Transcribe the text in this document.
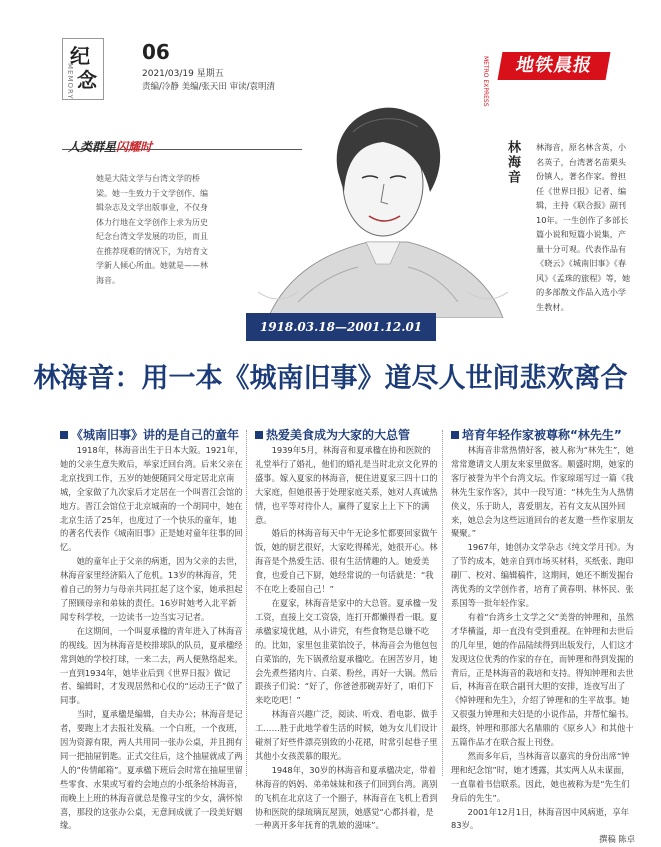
纪
念
MEMORY
06
2021/03/19 星期五
责编/冷静 美编/张天田 审读/袁明清	METRO EXPRESS	地铁晨报
人类群星闪耀时
她是大陆文学与台湾文学的桥梁。她一生致力于文学创作、编辑杂志及文学出版事业，不仅身体力行地在文学创作上求为历史纪念台湾文学发展的功臣，而且在推荐现难的情况下，为培育文学新人倾心所血。她就是——林海音。
1918.03.18—2001.12.01
林海音 林海音，原名林含英，小名英子，台湾著名苗栗头份镇人，著名作家。曾担任《世界日报》记者、编辑，主持《联合报》副刊10年。一生创作了多部长篇小说和短篇小说集，产量十分可观。代表作品有《晓云》《城南旧事》《春风》《孟珠的旅程》等，她的多部散文作品入选小学生教材。
林海音：用一本《城南旧事》道尽人世间悲欢离合
《城南旧事》讲的是自己的童年

1918年，林海音出生于日本大阪。1921年，她的父亲生意失败后，举家迁回台湾。后来父亲在北京找到工作，五岁的她便随同父母定居北京南城，全家做了九次家后才定居在一个叫晋江会馆的地方。晋江会馆位于北京城南的一个胡同中，她在北京生活了25年，也度过了一个快乐的童年，她的著名代表作《城南旧事》正是她对童年往事的回忆。

她的童年止于父亲的病逝，因为父亲的去世，林海音家里经济陷入了危机。13岁的林海音，凭着自己的努力与母亲共同扛起了这个家，她承担起了照顾母亲和弟妹的责任。16岁时她考入北平新闻专科学校，一边读书一边当实习记者。

在这期间，一个叫夏承楹的青年进入了林海音的视线。因为林海音是校排球队的队员，夏承楹经常到她的学校打球，一来二去，两人便熟络起来。一直到1934年，她毕业后到《世界日报》做记者、编辑时，才发现居然和心仪的“运动王子”做了同事。

当时，夏承楹是编辑，自夫办公；林海音是记者，要跑上才去报社发稿。一个白班，一个夜班，因为资源有限，两人共用同一张办公桌，并且拥有同一把抽屉钥匙。正式交往后，这个抽屉就成了两人的“传情邮箱”。夏承楹下班后会时常在抽屉里留些零食、水果或写着约会地点的小纸条给林海音，而晚上上班的林海音就总是像寻宝的少女，满怀惊喜，那段的这张办公桌，无意间成就了一段美好姻缘。

热爱美食成为大家的大总管

1939年5月，林海音和夏承楹在协和医院的礼堂举行了婚礼，他们的婚礼是当时北京文化界的盛事。嫁入夏家的林海音，便住进夏家三四十口的大家庭，但她很善于处理家庭关系，她对人真诚热情，也平等对待仆人，赢得了夏家上上下下的满意。

婚后的林海音每天中午无论多忙都要回家做午饭，她的厨艺很好，大家吃得稀光，她很开心。林海音是个热爱生活、很有生活情趣的人。她爱美食，也爱自己下厨，她经常说的一句话就是：“我不在吃上委屈自己！”

在夏家，林海音是家中的大总管。夏承楹一发工资，直接上交工资袋，连打开都懒得看一眼。夏承楹家境优越，从小讲究，有些食物是总嫌不吃的。比如，家里包韭菜馅饺子，林海音会为他包包白菜馅的，先下锅煮给夏承楹吃。在困苦岁月，她会先煮些猪肉片、白菜、粉丝，再好一大锅。然后跟孩子们说：“好了，你爸爸那碗弄好了，咱们下来吃吃吧！”

林海音兴趣广泛，阅读、听戏、看电影、做手工……胜于此地学着生活的时候，她为女儿们设计碰剂了好些件漂亮别致的小花裙，时常引起巷子里其他小女孩羡慕的眼光。

1948年，30岁的林海音和夏承楹决定，带着林海音的妈妈、弟弟妹妹和孩子们回到台湾。离别的飞机在北京这了一个圈子，林海音在飞机上看到协和医院的绿琉璃瓦屋顶，她感觉“心都抖着，是一种离开多年抚育的乳娘的滋味”。

培育年轻作家被尊称“林先生”

林海音非常热情好客，被人称为“林先生”，她常常邀请文人朋友来家里做客。顺盛时期，她家的客厅被誉为半个台湾文坛。作家琼瑶写过一篇《我林先生家作客》，其中一段写道：“林先生为人热情侠义，乐于助人，喜爱朋友，若有文友从国外回来，她总会为这些远道回台的老友邀一些作家朋友聚聚。”

1967年，她创办文学杂志《纯文学月刊》。为了节约成本，她亲自到市场买材料，买纸张、跑印刷厂、校对、编辑稿件，这期间，她还不断发掘台湾优秀的文学创作者，培育了黄春明、林怀民、张系国等一批年轻作家。

有着“台湾乡土文学之父”美誉的钟理和，虽然才华横溢，却一直没有受到重视。在钟理和去世后的几年里，她的作品陆续得到出版发行，人们这才发现这位优秀的作家的存在，而钟理和得到发掘的背后，正是林海音的栽培和支持。得知钟理和去世后，林海音在联合副刊大胆的安排，连夜写出了《悼钟理和先生》，介绍了钟理和的生平故事。她又很强力钟理和夫妇是的小说作品，并帮忙编书。最终，钟理和那部大名鼎鼎的《原乡人》和其他十五篇作品才在联合报上刊登。

然而多年后，当林海音以嘉宾的身份出席“钟理和纪念馆”时，她才透露，其实两人从未谋面，一直靠着书信联系。因此，她也被称为是“先生们身后的先生”。

2001年12月1日，林海音因中风病逝，享年83岁。

撰稿 陈卓
